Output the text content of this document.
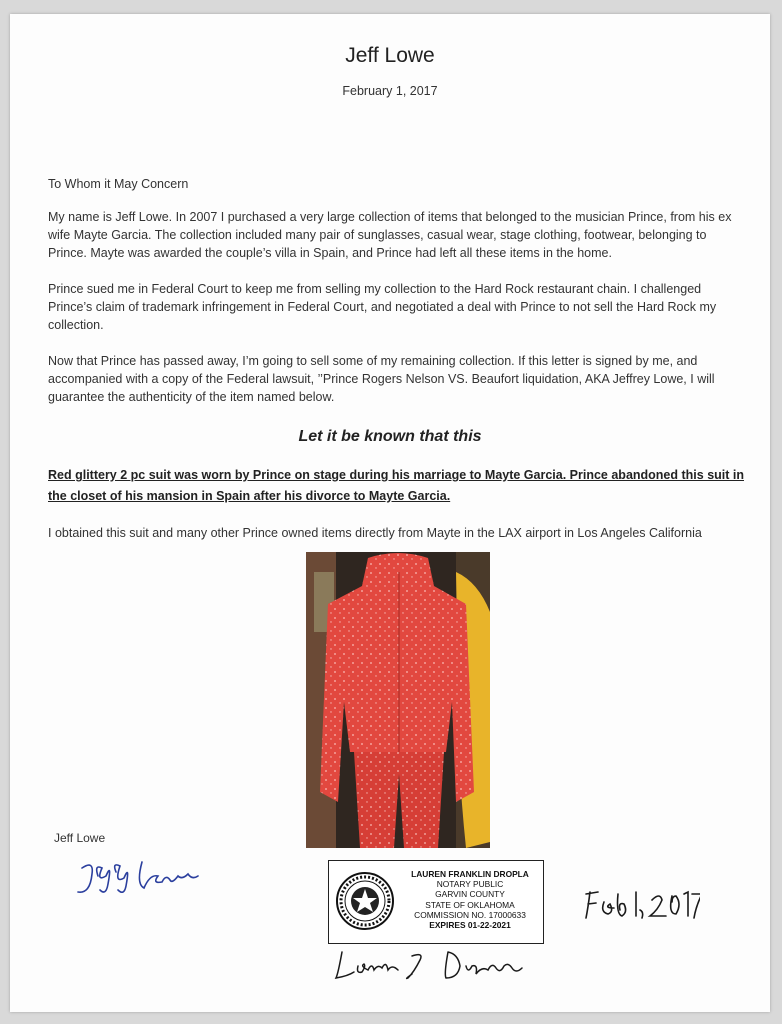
Jeff Lowe
February 1, 2017
To Whom it May Concern
My name is Jeff Lowe. In 2007 I purchased a very large collection of items that belonged to the musician Prince, from his ex wife Mayte Garcia. The collection included many pair of sunglasses, casual wear, stage clothing, footwear, belonging to Prince. Mayte was awarded the couple’s villa in Spain, and Prince had left all these items in the home.
Prince sued me in Federal Court to keep me from selling my collection to the Hard Rock restaurant chain. I challenged Prince’s claim of trademark infringement in Federal Court, and negotiated a deal with Prince to not sell the Hard Rock my collection.
Now that Prince has passed away, I’m going to sell some of my remaining collection. If this letter is signed by me, and accompanied with a copy of the Federal lawsuit, ’’Prince Rogers Nelson VS. Beaufort liquidation, AKA Jeffrey Lowe, I will guarantee the authenticity of the item named below.
Let it be known that this
Red glittery 2 pc suit was worn by Prince on stage during his marriage to Mayte Garcia. Prince abandoned this suit in the closet of his mansion in Spain after his divorce to Mayte Garcia.
I obtained this suit and many other Prince owned items directly from Mayte in the LAX airport in Los Angeles California
Jeff Lowe
LAUREN FRANKLIN DROPLA
NOTARY PUBLIC
GARVIN COUNTY
STATE OF OKLAHOMA
COMMISSION NO. 17000633
EXPIRES 01-22-2021
